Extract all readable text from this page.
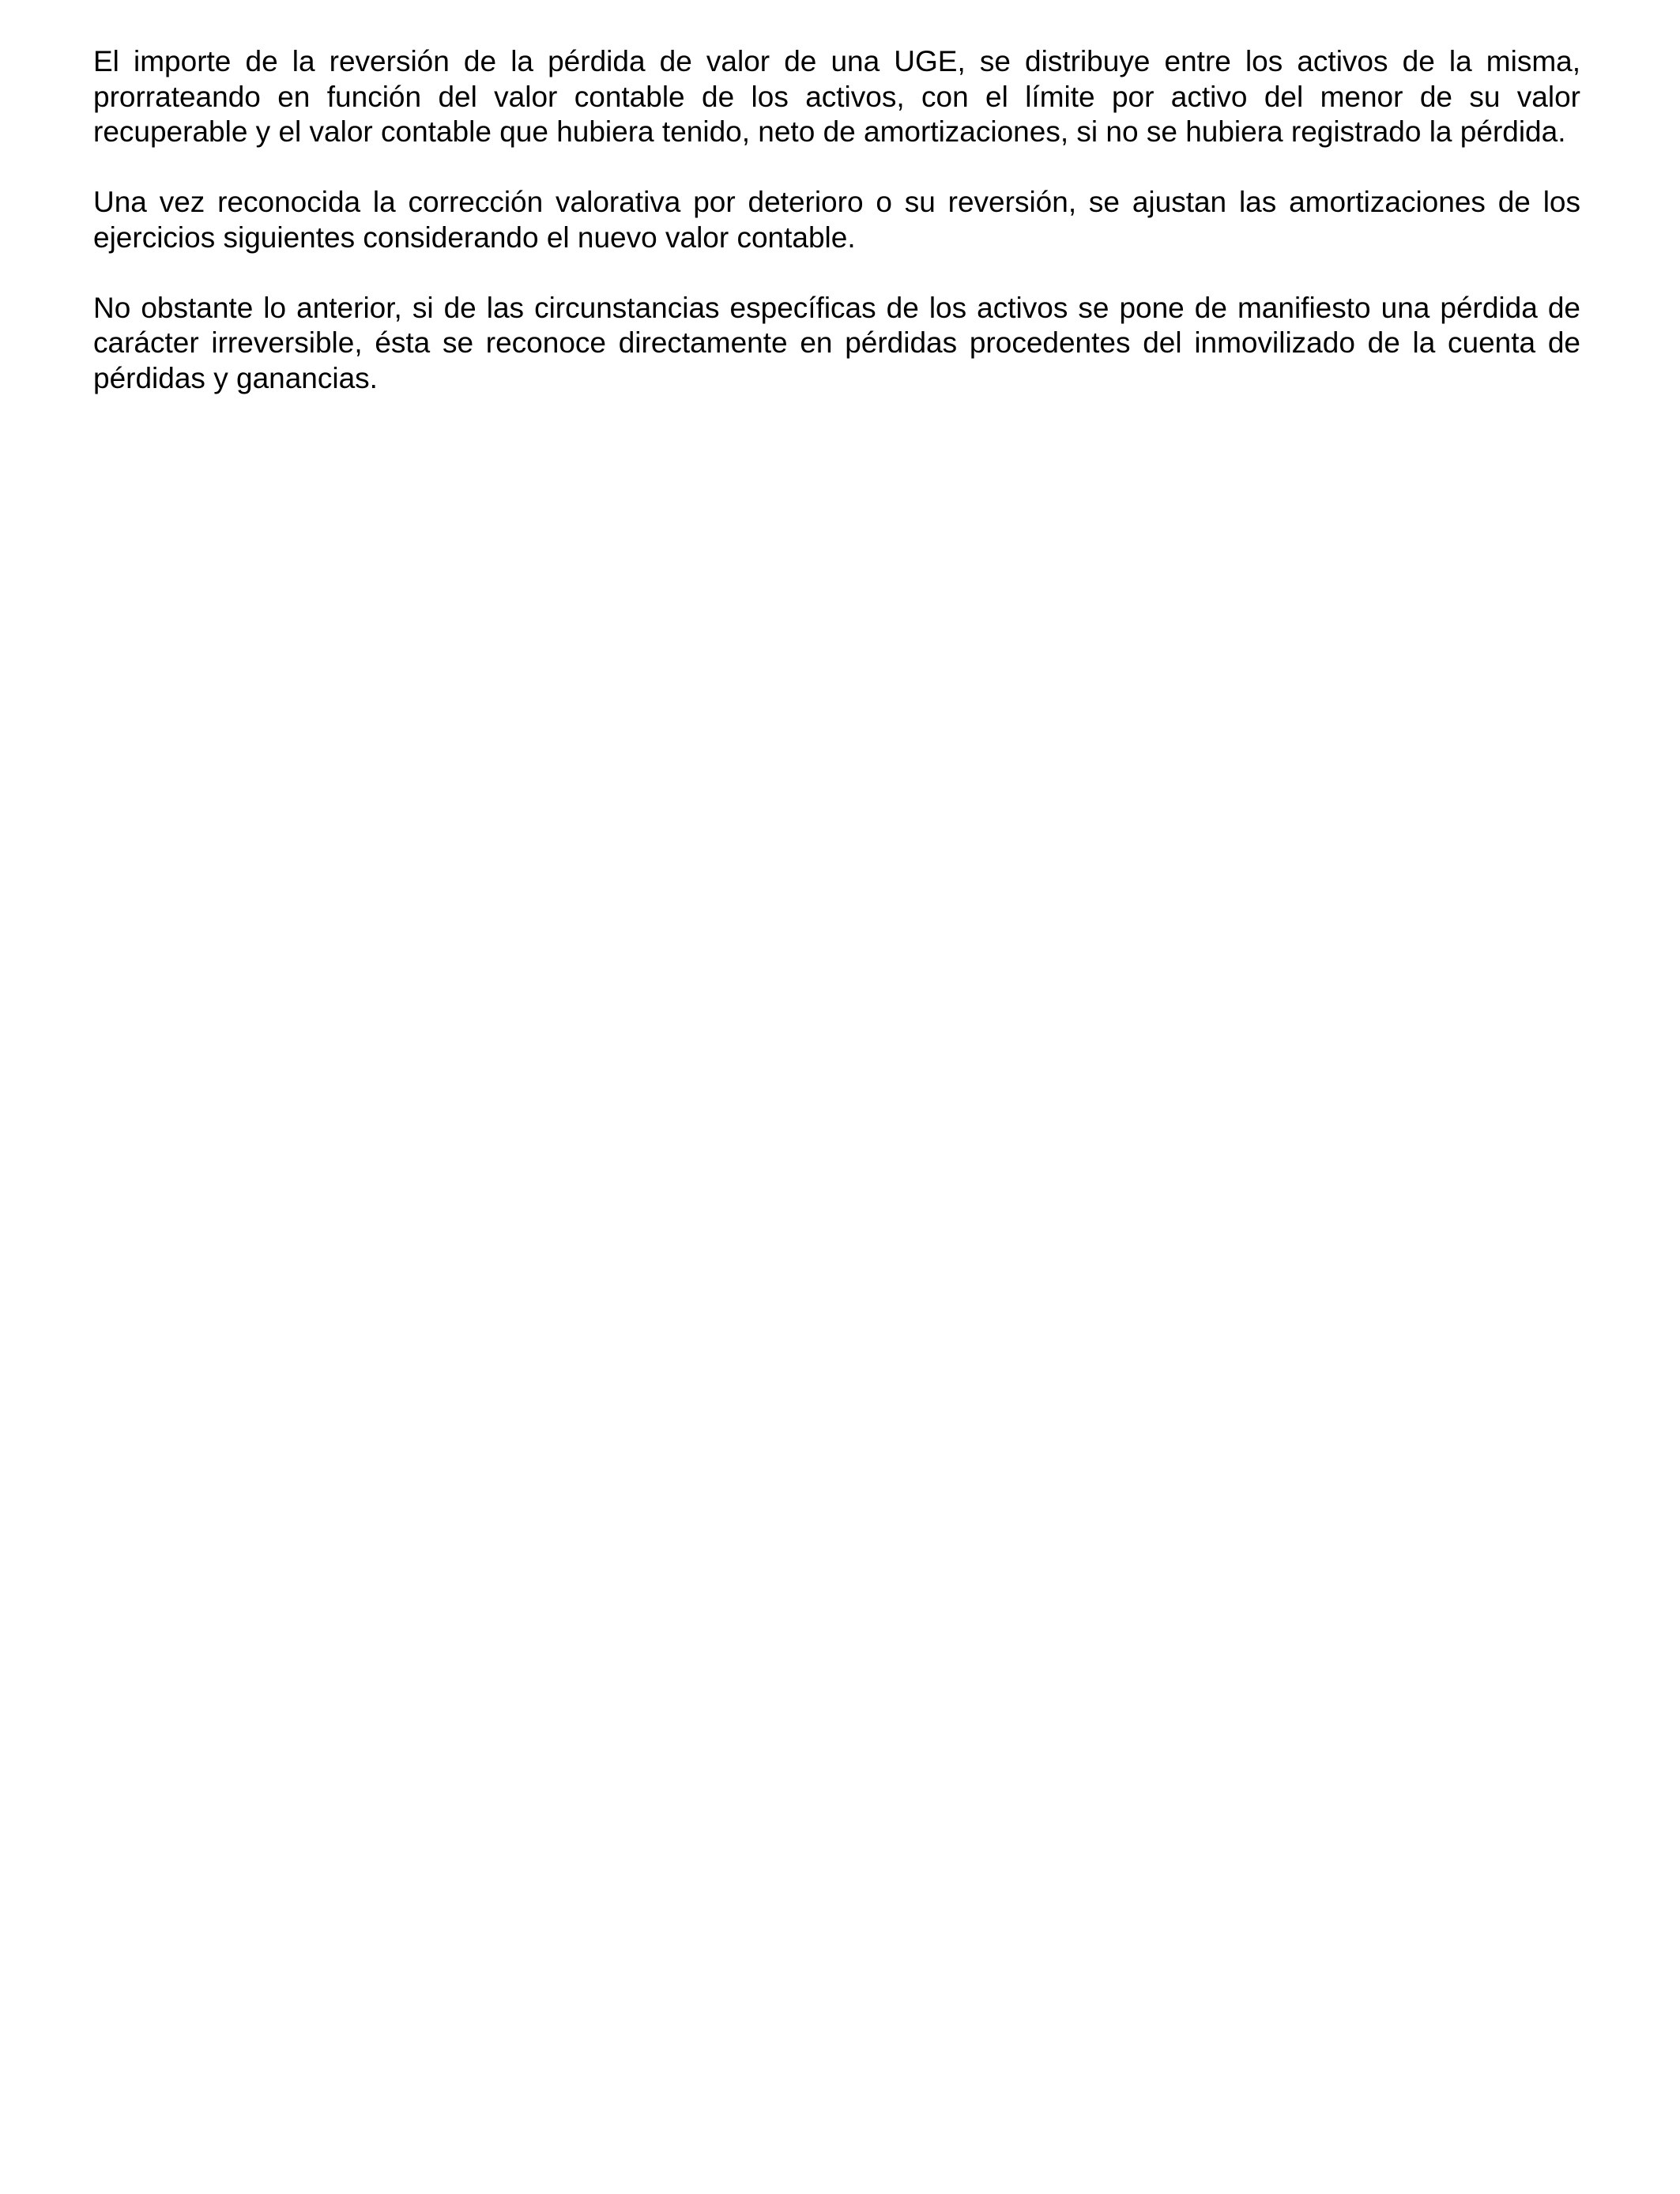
El importe de la reversión de la pérdida de valor de una UGE, se distribuye entre los activos de la misma, prorrateando en función del valor contable de los activos, con el límite por activo del menor de su valor recuperable y el valor contable que hubiera tenido, neto de amortizaciones, si no se hubiera registrado la pérdida.

Una vez reconocida la corrección valorativa por deterioro o su reversión, se ajustan las amortizaciones de los ejercicios siguientes considerando el nuevo valor contable.

No obstante lo anterior, si de las circunstancias específicas de los activos se pone de manifiesto una pérdida de carácter irreversible, ésta se reconoce directamente en pérdidas procedentes del inmovilizado de la cuenta de pérdidas y ganancias.
